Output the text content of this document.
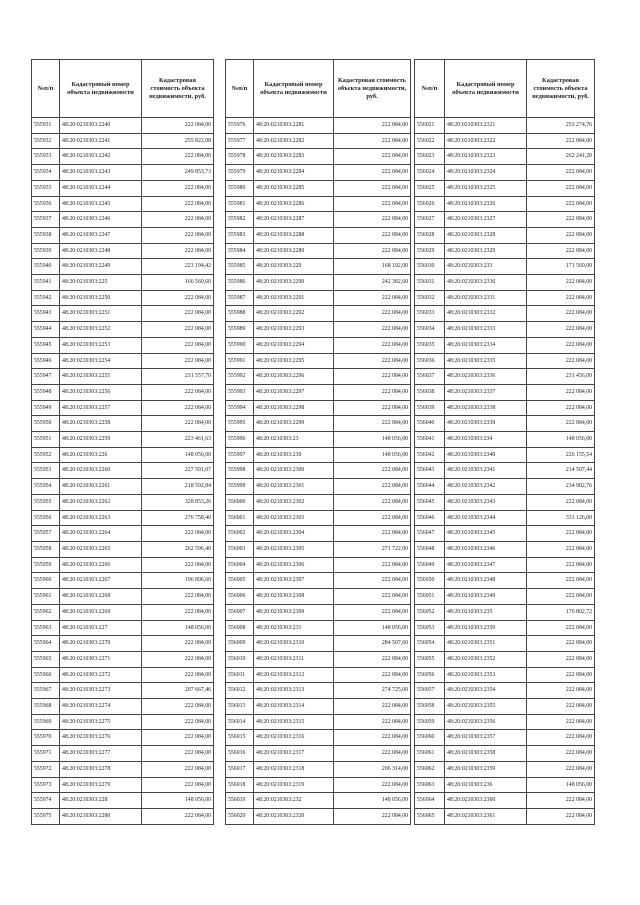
№п/п	Кадастровый номер объекта недвижимости	Кадастровая стоимость объекта недвижимости, руб.

555931	48:20:0210303:2240	222 084,00
555932	48:20:0210303:2241	255 822,08
555933	48:20:0210303:2242	222 084,00
555934	48:20:0210303:2243	249 853,73
555935	48:20:0210303:2244	222 084,00
555936	48:20:0210303:2245	222 084,00
555937	48:20:0210303:2246	222 084,00
555938	48:20:0210303:2247	222 084,00
555939	48:20:0210303:2248	222 084,00
555940	48:20:0210303:2249	223 194,42
555941	48:20:0210303:225	166 560,60
555942	48:20:0210303:2250	222 084,00
555943	48:20:0210303:2251	222 084,00
555944	48:20:0210303:2252	222 084,00
555945	48:20:0210303:2253	222 084,00
555946	48:20:0210303:2254	222 084,00
555947	48:20:0210303:2255	231 557,70
555948	48:20:0210303:2256	222 084,00
555949	48:20:0210303:2257	222 084,00
555950	48:20:0210303:2258	222 084,00
555951	48:20:0210303:2259	223 461,63
555952	48:20:0210303:226	148 056,00
555953	48:20:0210303:2260	227 591,07
555954	48:20:0210303:2261	218 592,84
555955	48:20:0210303:2262	328 853,26
555956	48:20:0210303:2263	276 758,40
555957	48:20:0210303:2264	222 084,00
555958	48:20:0210303:2265	262 596,40
555959	48:20:0210303:2266	222 084,00
555960	48:20:0210303:2267	196 806,60
555961	48:20:0210303:2268	222 084,00
555962	48:20:0210303:2269	222 084,00
555963	48:20:0210303:227	148 056,00
555964	48:20:0210303:2270	222 084,00
555965	48:20:0210303:2271	222 084,00
555966	48:20:0210303:2272	222 084,00
555967	48:20:0210303:2273	207 667,46
555968	48:20:0210303:2274	222 084,00
555969	48:20:0210303:2275	222 084,00
555970	48:20:0210303:2276	222 084,00
555971	48:20:0210303:2277	222 084,00
555972	48:20:0210303:2278	222 084,00
555973	48:20:0210303:2279	222 084,00
555974	48:20:0210303:228	148 056,00
555975	48:20:0210303:2280	222 084,00
№п/п	Кадастровый номер объекта недвижимости	Кадастровая стоимость объекта недвижимости, руб.

555976	48:20:0210303:2281	222 084,00
555977	48:20:0210303:2282	222 084,00
555978	48:20:0210303:2283	222 084,00
555979	48:20:0210303:2284	222 084,00
555980	48:20:0210303:2285	222 084,00
555981	48:20:0210303:2286	222 084,00
555982	48:20:0210303:2287	222 084,00
555983	48:20:0210303:2288	222 084,00
555984	48:20:0210303:2289	222 084,00
555985	48:20:0210303:229	168 192,00
555986	48:20:0210303:2290	242 382,60
555987	48:20:0210303:2291	222 084,00
555988	48:20:0210303:2292	222 084,00
555989	48:20:0210303:2293	222 084,00
555990	48:20:0210303:2294	222 084,00
555991	48:20:0210303:2295	222 084,00
555992	48:20:0210303:2296	222 084,00
555993	48:20:0210303:2297	222 084,00
555994	48:20:0210303:2298	222 084,00
555995	48:20:0210303:2299	222 084,00
555996	48:20:0210303:23	148 056,00
555997	48:20:0210303:230	148 056,00
555998	48:20:0210303:2300	222 084,00
555999	48:20:0210303:2301	222 084,00
556000	48:20:0210303:2302	222 084,00
556001	48:20:0210303:2303	222 084,00
556002	48:20:0210303:2304	222 084,00
556003	48:20:0210303:2305	271 722,00
556004	48:20:0210303:2306	222 084,00
556005	48:20:0210303:2307	222 084,00
556006	48:20:0210303:2308	222 084,00
556007	48:20:0210303:2309	222 084,00
556008	48:20:0210303:231	148 056,00
556009	48:20:0210303:2310	284 507,60
556010	48:20:0210303:2311	222 084,00
556011	48:20:0210303:2312	222 084,00
556012	48:20:0210303:2313	274 725,00
556013	48:20:0210303:2314	222 084,00
556014	48:20:0210303:2315	222 084,00
556015	48:20:0210303:2316	222 084,00
556016	48:20:0210303:2317	222 084,00
556017	48:20:0210303:2318	206 314,00
556018	48:20:0210303:2319	222 084,00
556019	48:20:0210303:232	148 056,00
556020	48:20:0210303:2320	222 084,00
№п/п	Кадастровый номер объекта недвижимости	Кадастровая стоимость объекта недвижимости, руб.

556021	48:20:0210303:2321	253 274,76
556022	48:20:0210303:2322	222 084,00
556023	48:20:0210303:2323	262 241,20
556024	48:20:0210303:2324	222 084,00
556025	48:20:0210303:2325	222 084,00
556026	48:20:0210303:2326	222 084,00
556027	48:20:0210303:2327	222 084,00
556028	48:20:0210303:2328	222 084,00
556029	48:20:0210303:2329	222 084,00
556030	48:20:0210303:233	171 560,00
556031	48:20:0210303:2330	222 084,00
556032	48:20:0210303:2331	222 084,00
556033	48:20:0210303:2332	222 084,00
556034	48:20:0210303:2333	222 084,00
556035	48:20:0210303:2334	222 084,00
556036	48:20:0210303:2335	222 084,00
556037	48:20:0210303:2336	231 456,00
556038	48:20:0210303:2337	222 084,00
556039	48:20:0210303:2338	222 084,00
556040	48:20:0210303:2339	222 084,00
556041	48:20:0210303:234	148 056,00
556042	48:20:0210303:2340	226 155,54
556043	48:20:0210303:2341	214 507,44
556044	48:20:0210303:2342	234 902,76
556045	48:20:0210303:2343	222 084,00
556046	48:20:0210303:2344	333 126,00
556047	48:20:0210303:2345	222 084,00
556048	48:20:0210303:2346	222 084,00
556049	48:20:0210303:2347	222 084,00
556050	48:20:0210303:2348	222 084,00
556051	48:20:0210303:2349	222 084,00
556052	48:20:0210303:235	176 802,72
556053	48:20:0210303:2350	222 084,00
556054	48:20:0210303:2351	222 084,00
556055	48:20:0210303:2352	222 084,00
556056	48:20:0210303:2353	222 084,00
556057	48:20:0210303:2354	222 084,00
556058	48:20:0210303:2355	222 084,00
556059	48:20:0210303:2356	222 084,00
556060	48:20:0210303:2357	222 084,00
556061	48:20:0210303:2358	222 084,00
556062	48:20:0210303:2359	222 084,00
556063	48:20:0210303:236	148 056,00
556064	48:20:0210303:2360	222 084,00
556065	48:20:0210303:2361	222 084,00
